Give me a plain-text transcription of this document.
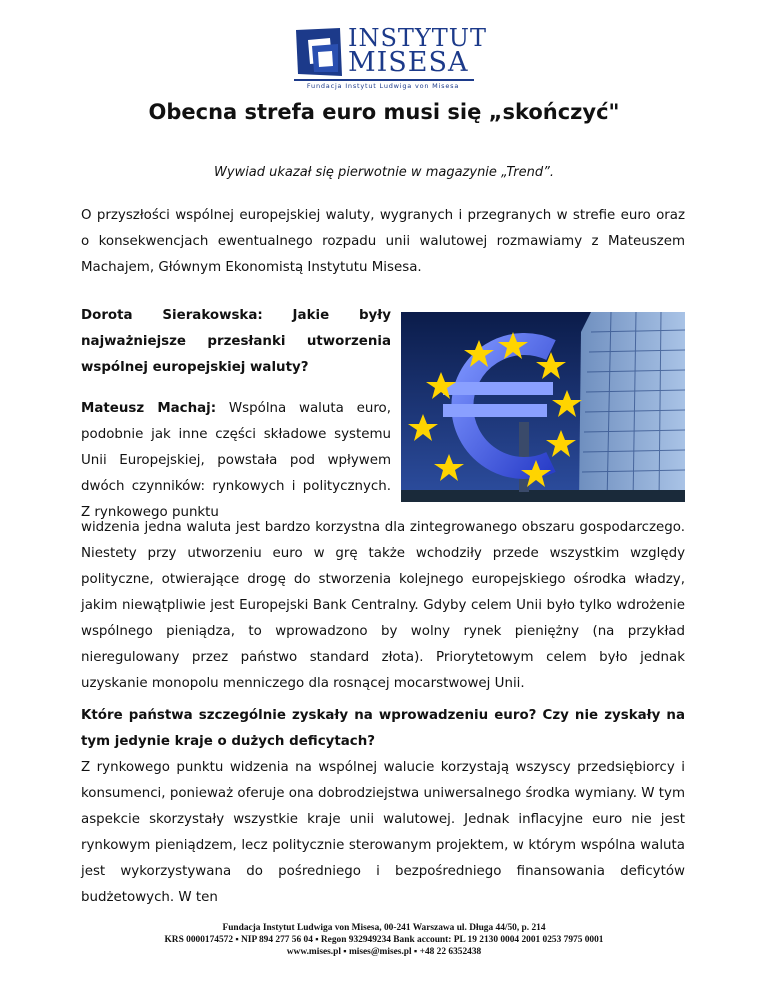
INSTYTUT
MISESA
Fundacja Instytut Ludwiga von Misesa
Obecna strefa euro musi się „skończyć"
Wywiad ukazał się pierwotnie w magazynie „Trend”.

O przyszłości wspólnej europejskiej waluty, wygranych i przegranych w strefie euro oraz o konsekwencjach ewentualnego rozpadu unii walutowej rozmawiamy z Mateuszem Machajem, Głównym Ekonomistą Instytutu Misesa.

Dorota Sierakowska: Jakie były najważniejsze przesłanki utworzenia wspólnej europejskiej waluty?

Mateusz Machaj: Wspólna waluta euro, podobnie jak inne części składowe systemu Unii Europejskiej, powstała pod wpływem dwóch czynników: rynkowych i politycznych. Z rynkowego punktu

widzenia jedna waluta jest bardzo korzystna dla zintegrowanego obszaru gospodarczego. Niestety przy utworzeniu euro w grę także wchodziły przede wszystkim względy polityczne, otwierające drogę do stworzenia kolejnego europejskiego ośrodka władzy, jakim niewątpliwie jest Europejski Bank Centralny. Gdyby celem Unii było tylko wdrożenie wspólnego pieniądza, to wprowadzono by wolny rynek pieniężny (na przykład nieregulowany przez państwo standard złota). Priorytetowym celem było jednak uzyskanie monopolu menniczego dla rosnącej mocarstwowej Unii.

Które państwa szczególnie zyskały na wprowadzeniu euro? Czy nie zyskały na tym jedynie kraje o dużych deficytach?

Z rynkowego punktu widzenia na wspólnej walucie korzystają wszyscy przedsiębiorcy i konsumenci, ponieważ oferuje ona dobrodziejstwa uniwersalnego środka wymiany. W tym aspekcie skorzystały wszystkie kraje unii walutowej. Jednak inflacyjne euro nie jest rynkowym pieniądzem, lecz politycznie sterowanym projektem, w którym wspólna waluta jest wykorzystywana do pośredniego i bezpośredniego finansowania deficytów budżetowych. W ten

Fundacja Instytut Ludwiga von Misesa, 00-241 Warszawa ul. Długa 44/50, p. 214
KRS 0000174572 ▪ NIP 894 277 56 04 ▪ Regon 932949234 Bank account: PL 19 2130 0004 2001 0253 7975 0001
www.mises.pl ▪ mises@mises.pl ▪ +48 22 6352438
